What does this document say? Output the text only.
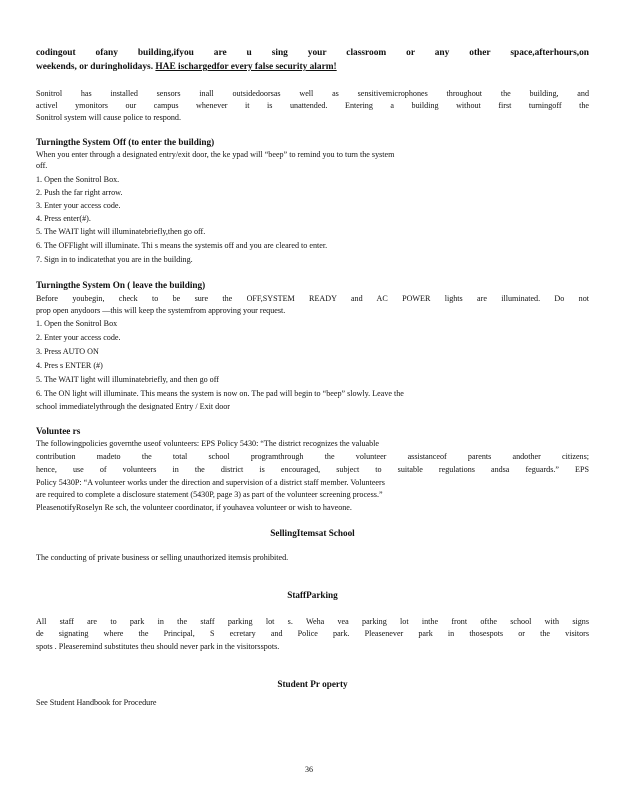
codingout ofany building,ifyou are u sing your classroom or any other space,afterhours,on
weekends, or duringholidays. HAE ischargedfor every false security alarm!
Sonitrol has installed sensors inall outsidedoorsas well as sensitivemicrophones throughout the building, and
activel ymonitors our campus whenever it is unattended. Entering a building without first turningoff the
Sonitrol system will cause police to respond.
Turningthe System Off (to enter the building)
When you enter through a designated entry/exit door, the ke ypad will “beep” to remind you to turn the system
off.
1. Open the Sonitrol Box.
2. Push the far right arrow.
3. Enter your access code.
4. Press enter(#).
5. The WAIT light will illuminatebriefly,then go off.
6. The OFFlight will illuminate. Thi s means the systemis off and you are cleared to enter.
7. Sign in to indicatethat you are in the building.
Turningthe System On ( leave the building)
Before youbegin, check to be sure the OFF,SYSTEM READY and AC POWER lights are illuminated. Do not
prop open anydoors —this will keep the systemfrom approving your request.
1. Open the Sonitrol Box
2. Enter your access code.
3. Press AUTO ON
4. Pres s ENTER (#)
5. The WAIT light will illuminatebriefly, and then go off
6. The ON light will illuminate. This means the system is now on. The pad will begin to “beep” slowly. Leave the
school immediatelythrough the designated Entry / Exit door
Voluntee rs
The followingpolicies governthe useof volunteers: EPS Policy 5430: “The district recognizes the valuable
contribution madeto the total school programthrough the volunteer assistanceof parents andother citizens;
hence, use of volunteers in the district is encouraged, subject to suitable regulations andsa feguards.” EPS
Policy 5430P: “A volunteer works under the direction and supervision of a district staff member. Volunteers
are required to complete a disclosure statement (5430P, page 3) as part of the volunteer screening process.”
PleasenotifyRoselyn Re sch, the volunteer coordinator, if youhavea volunteer or wish to haveone.
SellingItemsat School
The conducting of private business or selling unauthorized itemsis prohibited.
StaffParking
All staff are to park in the staff parking lot s. Weha vea parking lot inthe front ofthe school with signs
de signating where the Principal, S ecretary and Police park. Pleasenever park in thosespots or the visitors
spots . Pleaseremind substitutes theu should never park in the visitorsspots.
Student Pr operty
See Student Handbook for Procedure
36
